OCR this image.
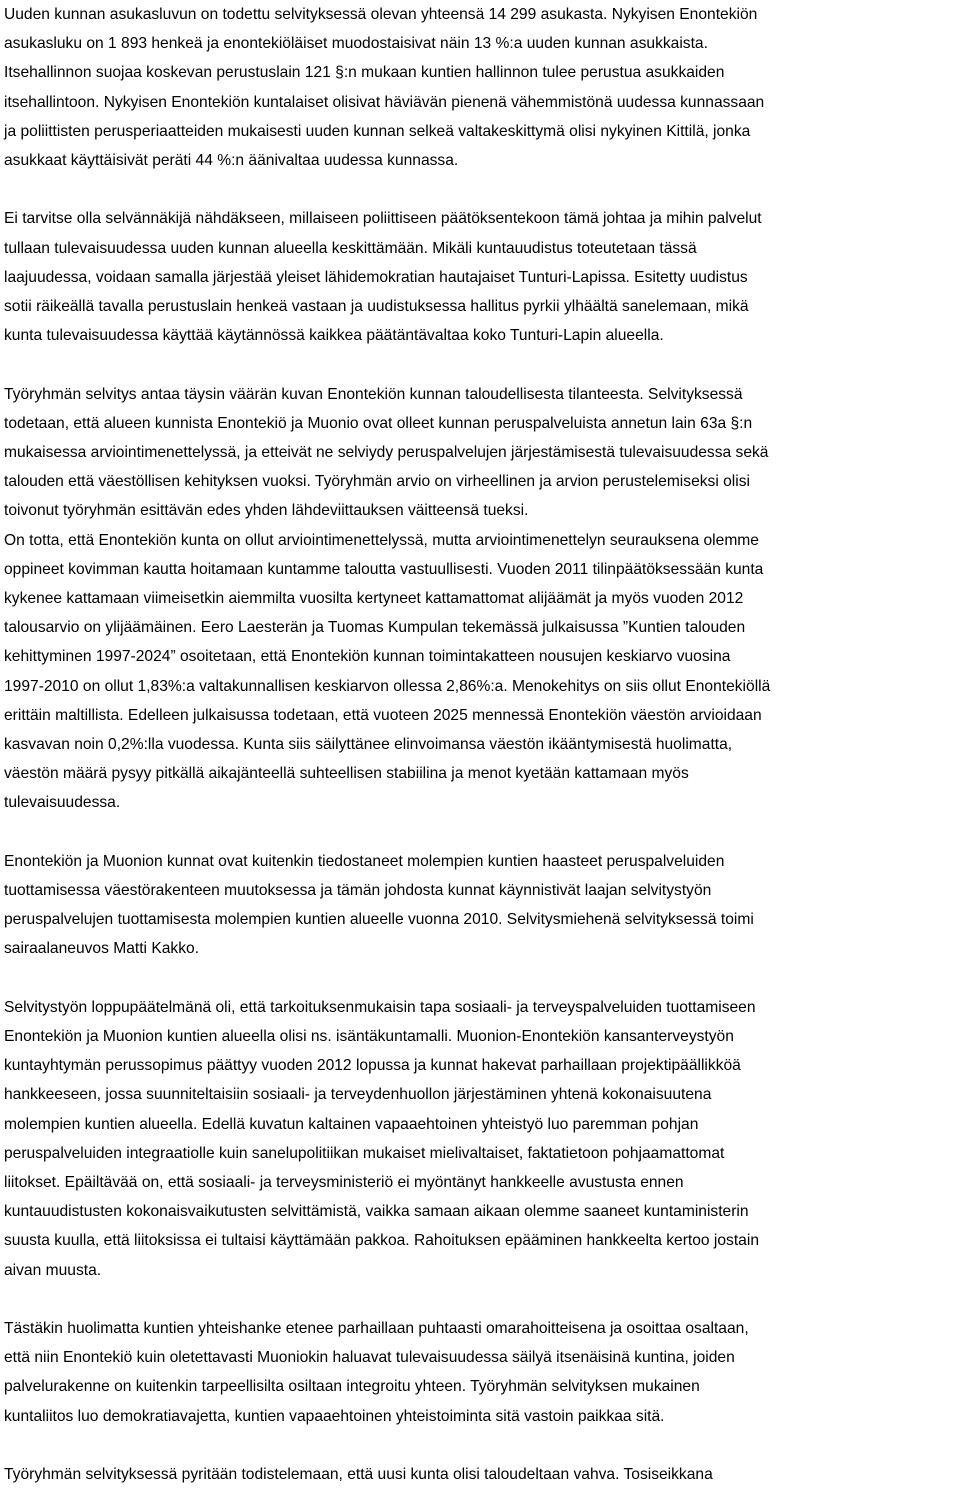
Uuden kunnan asukasluvun on todettu selvityksessä olevan yhteensä 14 299 asukasta. Nykyisen Enontekiön
asukasluku on 1 893 henkeä ja enontekiöläiset muodostaisivat näin 13 %:a uuden kunnan asukkaista.
Itsehallinnon suojaa koskevan perustuslain 121 §:n mukaan kuntien hallinnon tulee perustua asukkaiden
itsehallintoon. Nykyisen Enontekiön kuntalaiset olisivat häviävän pienenä vähemmistönä uudessa kunnassaan
ja poliittisten perusperiaatteiden mukaisesti uuden kunnan selkeä valtakeskittymä olisi nykyinen Kittilä, jonka
asukkaat käyttäisivät peräti 44 %:n äänivaltaa uudessa kunnassa.
Ei tarvitse olla selvännäkijä nähdäkseen, millaiseen poliittiseen päätöksentekoon tämä johtaa ja mihin palvelut
tullaan tulevaisuudessa uuden kunnan alueella keskittämään. Mikäli kuntauudistus toteutetaan tässä
laajuudessa, voidaan samalla järjestää yleiset lähidemokratian hautajaiset Tunturi-Lapissa. Esitetty uudistus
sotii räikeällä tavalla perustuslain henkeä vastaan ja uudistuksessa hallitus pyrkii ylhäältä sanelemaan, mikä
kunta tulevaisuudessa käyttää käytännössä kaikkea päätäntävaltaa koko Tunturi-Lapin alueella.
Työryhmän selvitys antaa täysin väärän kuvan Enontekiön kunnan taloudellisesta tilanteesta. Selvityksessä
todetaan, että alueen kunnista Enontekiö ja Muonio ovat olleet kunnan peruspalveluista annetun lain 63a §:n
mukaisessa arviointimenettelyssä, ja etteivät ne selviydy peruspalvelujen järjestämisestä tulevaisuudessa sekä
talouden että väestöllisen kehityksen vuoksi. Työryhmän arvio on virheellinen ja arvion perustelemiseksi olisi
toivonut työryhmän esittävän edes yhden lähdeviittauksen väitteensä tueksi.
On totta, että Enontekiön kunta on ollut arviointimenettelyssä, mutta arviointimenettelyn seurauksena olemme
oppineet kovimman kautta hoitamaan kuntamme taloutta vastuullisesti. Vuoden 2011 tilinpäätöksessään kunta
kykenee kattamaan viimeisetkin aiemmilta vuosilta kertyneet kattamattomat alijäämät ja myös vuoden 2012
talousarvio on ylijäämäinen. Eero Laesterän ja Tuomas Kumpulan tekemässä julkaisussa ”Kuntien talouden
kehittyminen 1997-2024” osoitetaan, että Enontekiön kunnan toimintakatteen nousujen keskiarvo vuosina
1997-2010 on ollut 1,83%:a valtakunnallisen keskiarvon ollessa 2,86%:a. Menokehitys on siis ollut Enontekiöllä
erittäin maltillista. Edelleen julkaisussa todetaan, että vuoteen 2025 mennessä Enontekiön väestön arvioidaan
kasvavan noin 0,2%:lla vuodessa. Kunta siis säilyttänee elinvoimansa väestön ikääntymisestä huolimatta,
väestön määrä pysyy pitkällä aikajänteellä suhteellisen stabiilina ja menot kyetään kattamaan myös
tulevaisuudessa.
Enontekiön ja Muonion kunnat ovat kuitenkin tiedostaneet molempien kuntien haasteet peruspalveluiden
tuottamisessa väestörakenteen muutoksessa ja tämän johdosta kunnat käynnistivät laajan selvitystyön
peruspalvelujen tuottamisesta molempien kuntien alueelle vuonna 2010. Selvitysmiehenä selvityksessä toimi
sairaalaneuvos Matti Kakko.
Selvitystyön loppupäätelmänä oli, että tarkoituksenmukaisin tapa sosiaali- ja terveyspalveluiden tuottamiseen
Enontekiön ja Muonion kuntien alueella olisi ns. isäntäkuntamalli. Muonion-Enontekiön kansanterveystyön
kuntayhtymän perussopimus päättyy vuoden 2012 lopussa ja kunnat hakevat parhaillaan projektipäällikköä
hankkeeseen, jossa suunniteltaisiin sosiaali- ja terveydenhuollon järjestäminen yhtenä kokonaisuutena
molempien kuntien alueella. Edellä kuvatun kaltainen vapaaehtoinen yhteistyö luo paremman pohjan
peruspalveluiden integraatiolle kuin sanelupolitiikan mukaiset mielivaltaiset, faktatietoon pohjaamattomat
liitokset. Epäiltävää on, että sosiaali- ja terveysministeriö ei myöntänyt hankkeelle avustusta ennen
kuntauudistusten kokonaisvaikutusten selvittämistä, vaikka samaan aikaan olemme saaneet kuntaministerin
suusta kuulla, että liitoksissa ei tultaisi käyttämään pakkoa. Rahoituksen epääminen hankkeelta kertoo jostain
aivan muusta.
Tästäkin huolimatta kuntien yhteishanke etenee parhaillaan puhtaasti omarahoitteisena ja osoittaa osaltaan,
että niin Enontekiö kuin oletettavasti Muoniokin haluavat tulevaisuudessa säilyä itsenäisinä kuntina, joiden
palvelurakenne on kuitenkin tarpeellisilta osiltaan integroitu yhteen. Työryhmän selvityksen mukainen
kuntaliitos luo demokratiavajetta, kuntien vapaaehtoinen yhteistoiminta sitä vastoin paikkaa sitä.
Työryhmän selvityksessä pyritään todistelemaan, että uusi kunta olisi taloudeltaan vahva. Tosiseikkana
